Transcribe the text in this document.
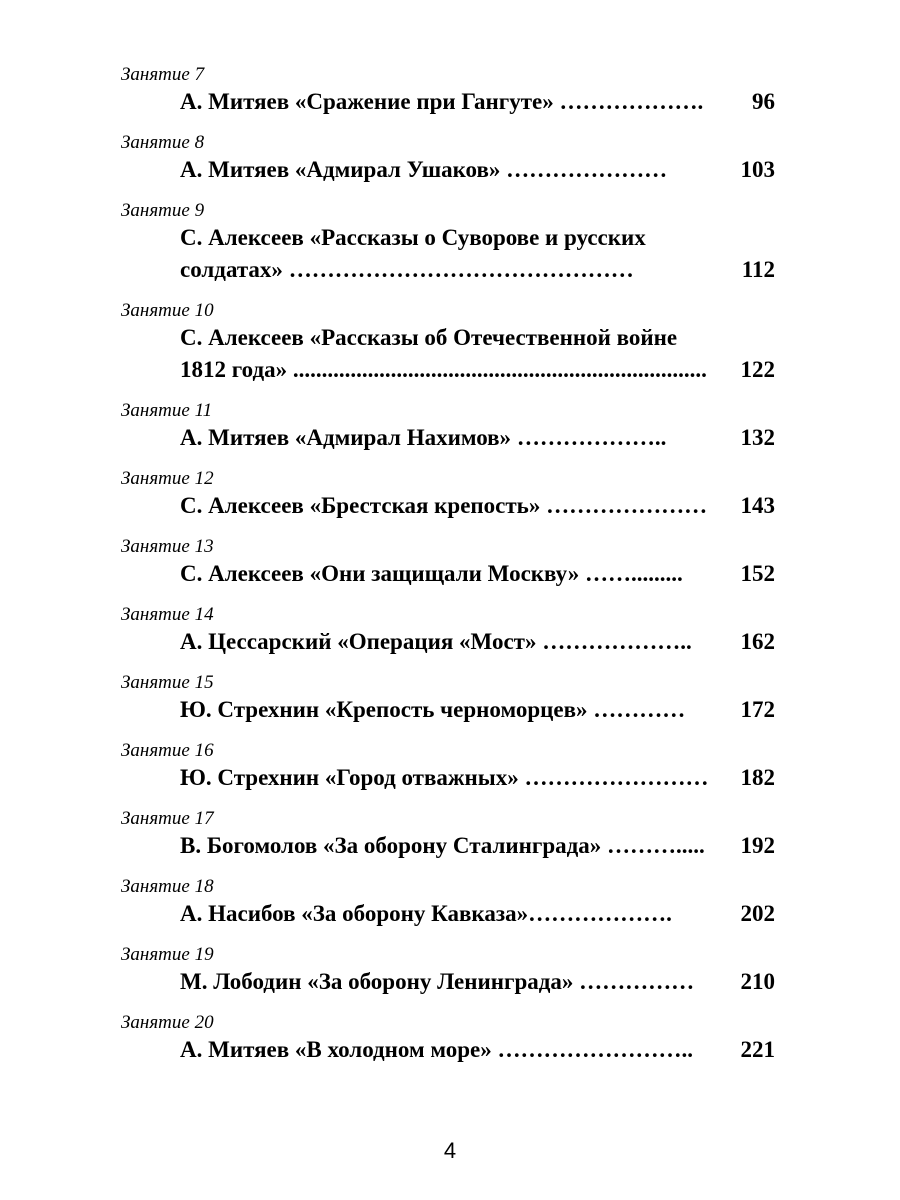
Занятие 7
А. Митяев «Сражение при Гангуте» ……………….	96
Занятие 8
А. Митяев «Адмирал Ушаков» …………………	103
Занятие 9
С. Алексеев «Рассказы о Суворове и русских
солдатах» ………………………………………	112
Занятие 10
С. Алексеев «Рассказы об Отечественной войне
1812 года» ........................................................................	122
Занятие 11
А. Митяев «Адмирал Нахимов» ………………..	132
Занятие 12
С. Алексеев «Брестская крепость» …………………	143
Занятие 13
С. Алексеев «Они защищали Москву» …….........	152
Занятие 14
А. Цессарский «Операция «Мост» ………………..	162
Занятие 15
Ю. Стрехнин «Крепость черноморцев» …………	172
Занятие 16
Ю. Стрехнин «Город отважных» ……………………	182
Занятие 17
В. Богомолов «За оборону Сталинграда» ……….....	192
Занятие 18
А. Насибов «За оборону Кавказа»……………….	202
Занятие 19
М. Лободин «За оборону Ленинграда» ……………	210
Занятие 20
А. Митяев «В холодном море» ……………………..	221
4
